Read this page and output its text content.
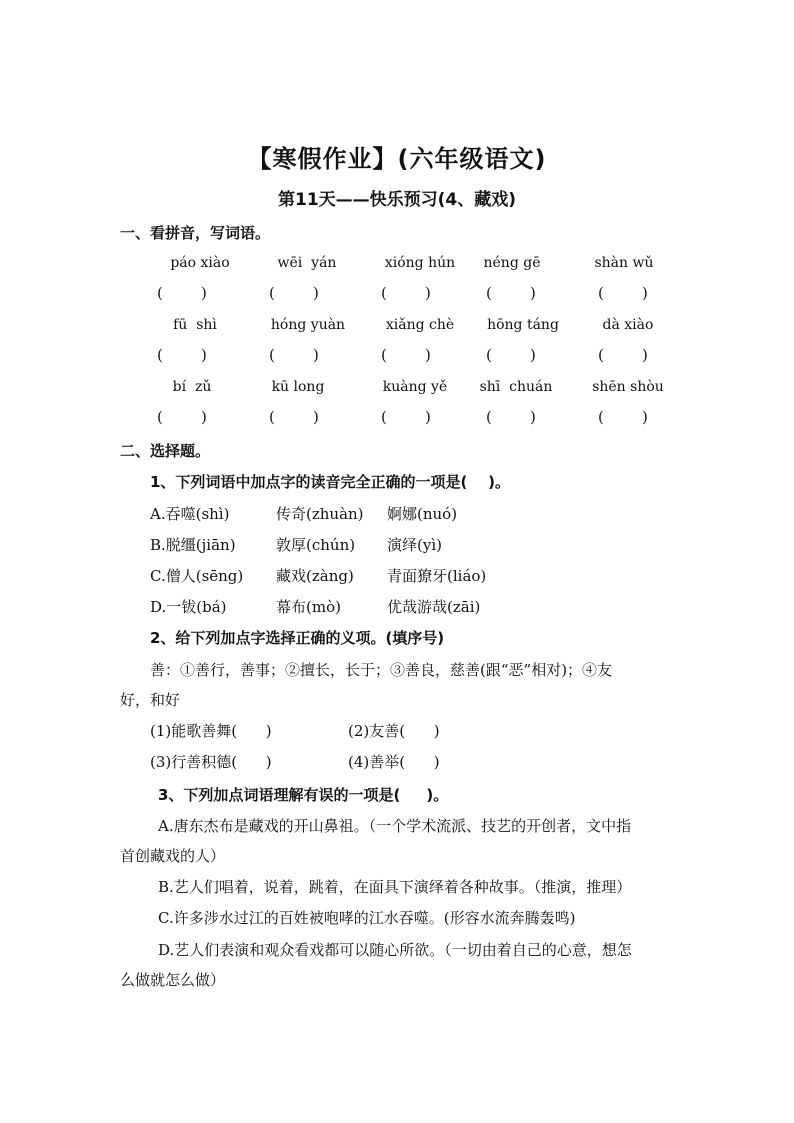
【寒假作业】(六年级语文)
第11天——快乐预习(4、藏戏)
一、看拼音，写词语。
páo xiào	wēi  yán	xióng hún	néng gē	shàn wǔ
(        )	(        )	(        )	(        )	(        )
fū  shì	hóng yuàn	xiǎng chè	hōng táng	dà xiào
(        )	(        )	(        )	(        )	(        )
bí  zǔ	kū long	kuàng yě	shī  chuán	shēn shòu
(        )	(        )	(        )	(        )	(        )
二、选择题。
1、下列词语中加点字的读音完全正确的一项是(    )。
A.吞噬(shì)	传奇(zhuàn) 婀娜(nuó)
B.脱缰(jiān)	敦厚(chún) 演绎(yì)
C.僧人(sēng) 藏戏(zàng) 青面獠牙(liáo)
D.一钹(bá)	幕布(mò)	优哉游哉(zāi)
2、给下列加点字选择正确的义项。(填序号)
善：①善行，善事；②擅长，长于；③善良，慈善(跟“恶”相对)；④友
好，和好
(1)能歌善舞(      )	(2)友善(      )
(3)行善积德(      )	(4)善举(      )
3、下列加点词语理解有误的一项是(     )。
A.唐东杰布是藏戏的开山鼻祖。（一个学术流派、技艺的开创者，文中指
首创藏戏的人）
B.艺人们唱着，说着，跳着，在面具下演绎着各种故事。（推演，推理）
C.许多涉水过江的百姓被咆哮的江水吞噬。(形容水流奔腾轰鸣)
D.艺人们表演和观众看戏都可以随心所欲。（一切由着自己的心意，想怎
么做就怎么做）
